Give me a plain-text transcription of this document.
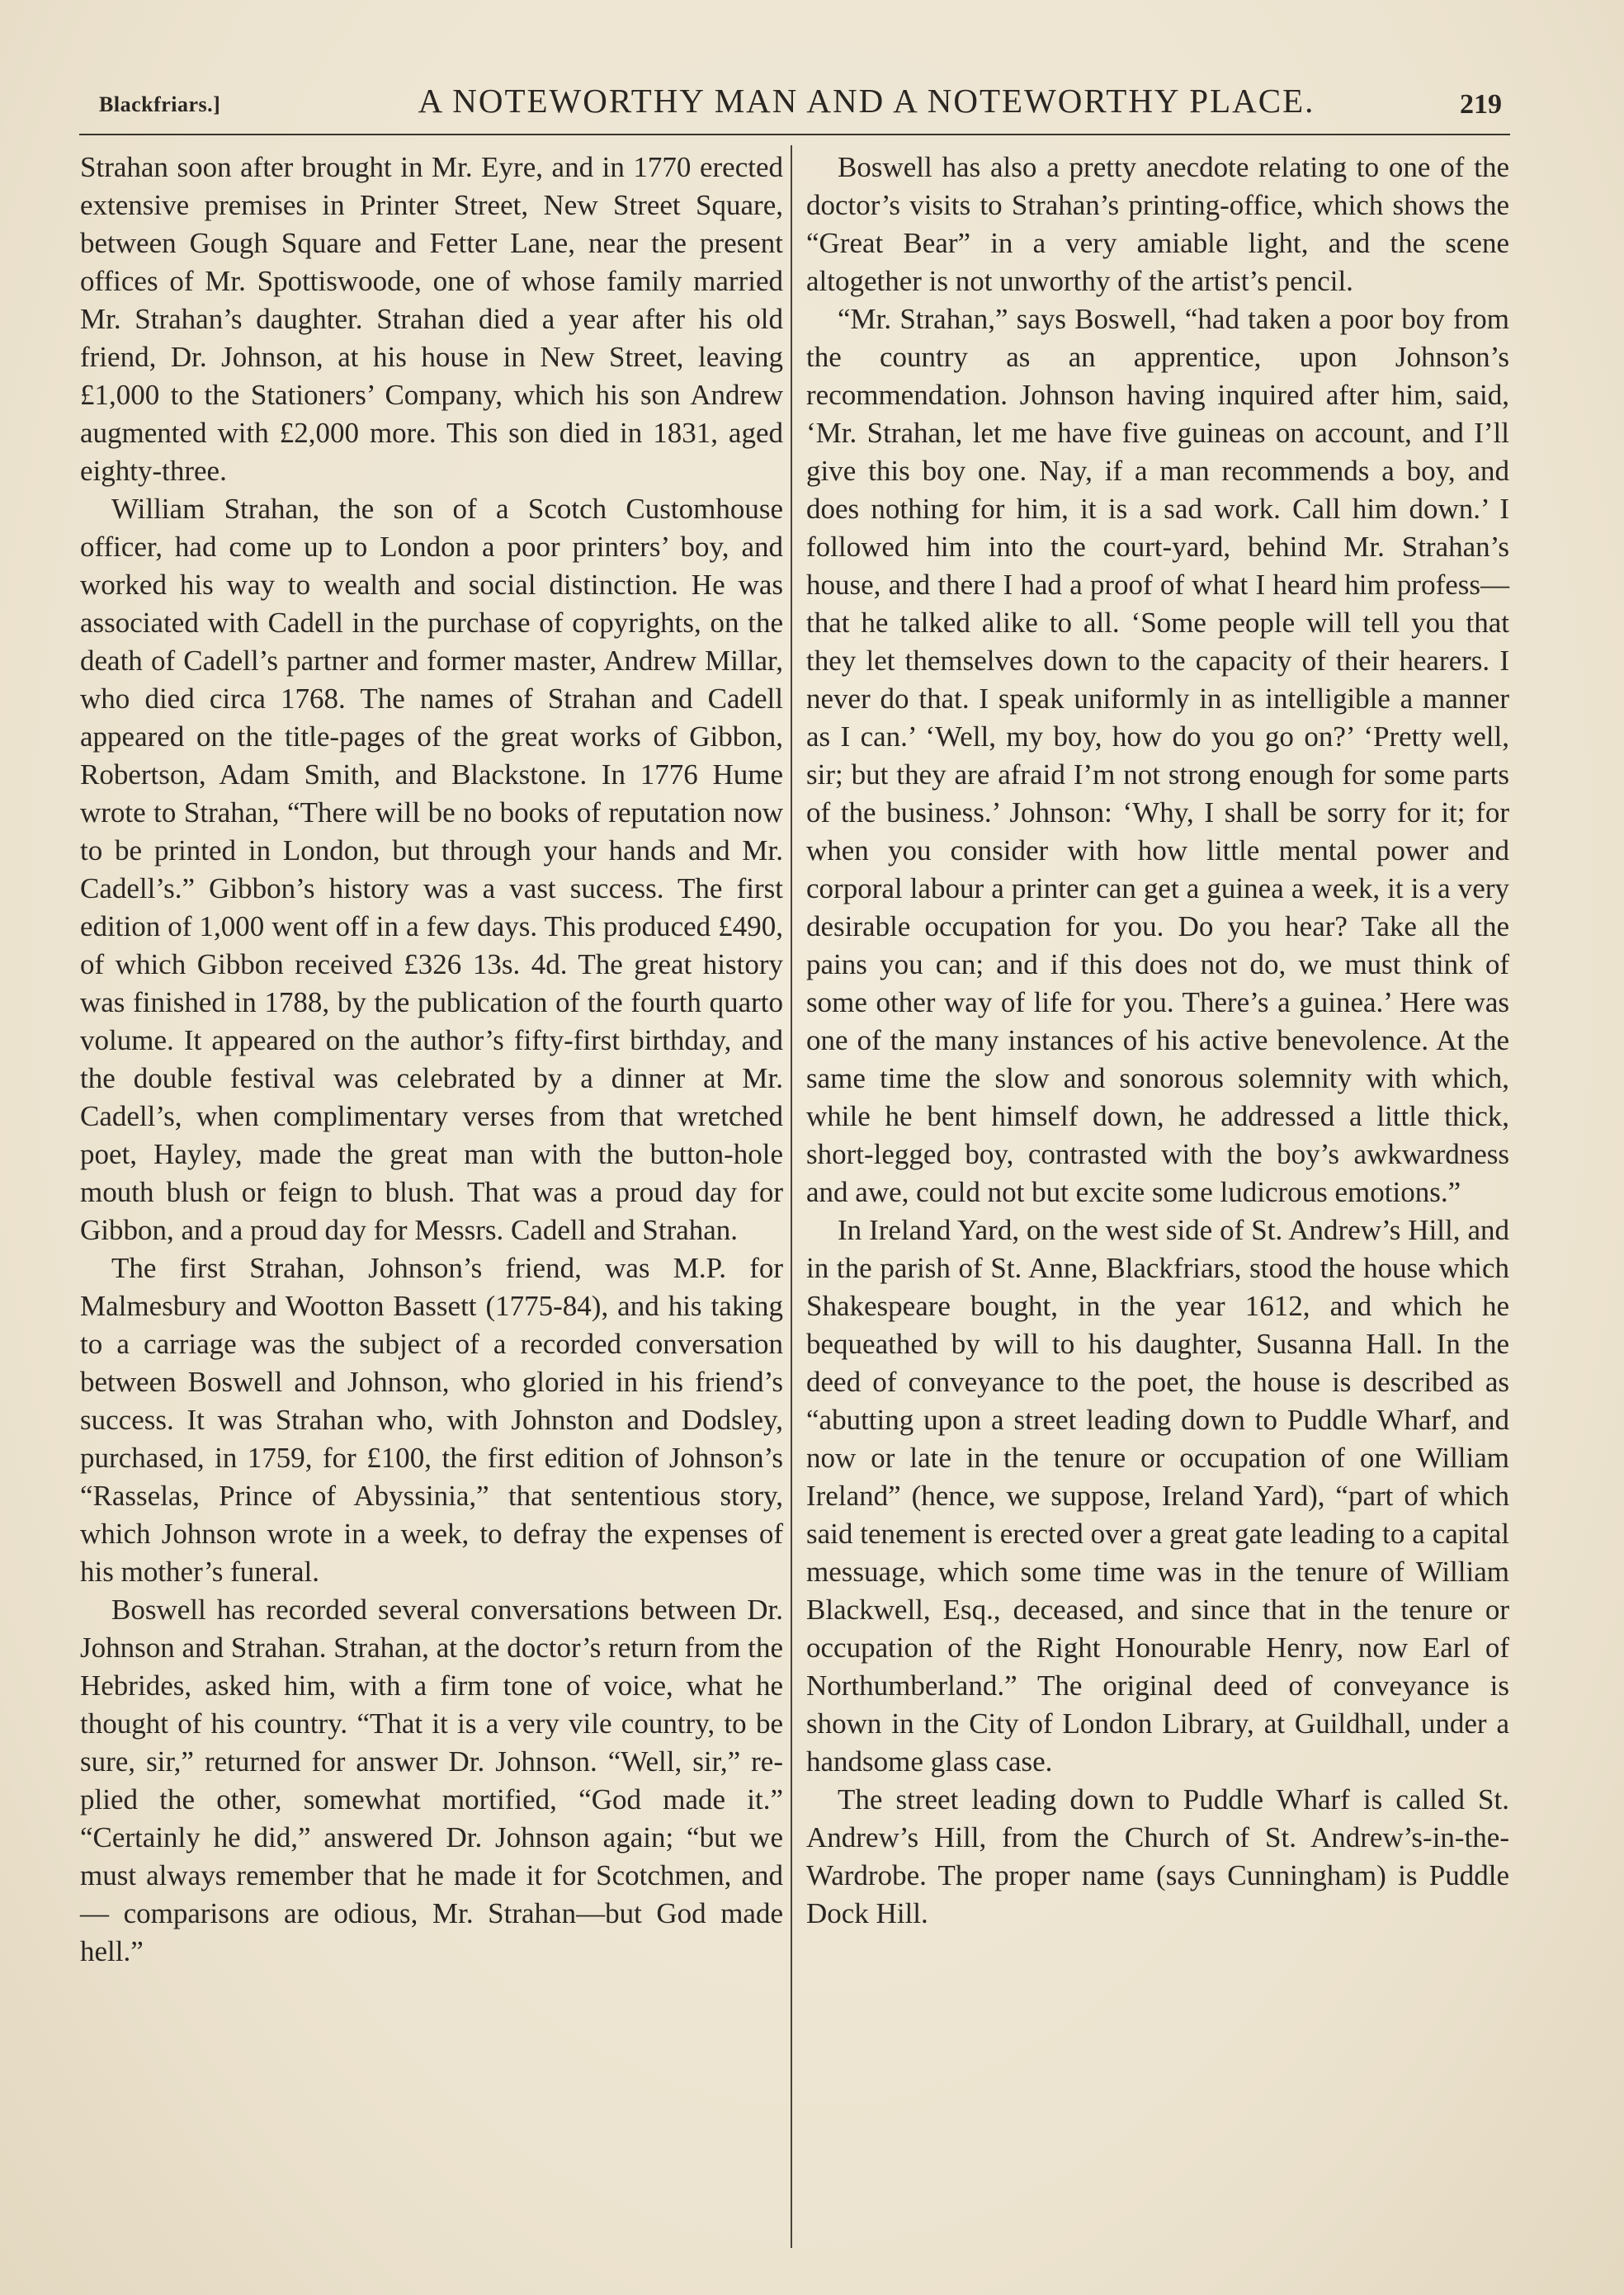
Blackfriars.]	A NOTEWORTHY MAN AND A NOTEWORTHY PLACE.	219

Strahan soon after brought in Mr. Eyre, and in 1770 erected extensive premises in Printer Street, New Street Square, between Gough Square and Fetter Lane, near the present offices of Mr. Spottiswoode, one of whose family married Mr. Strahan’s daughter. Strahan died a year after his old friend, Dr. Johnson, at his house in New Street, leaving £1,000 to the Stationers’ Company, which his son Andrew augmented with £2,000 more. This son died in 1831, aged eighty-three.

William Strahan, the son of a Scotch Customhouse officer, had come up to London a poor printers’ boy, and worked his way to wealth and social distinction. He was associated with Cadell in the purchase of copyrights, on the death of Cadell’s partner and former master, Andrew Millar, who died circa 1768. The names of Strahan and Cadell appeared on the title-pages of the great works of Gibbon, Robertson, Adam Smith, and Blackstone. In 1776 Hume wrote to Strahan, “There will be no books of reputation now to be printed in London, but through your hands and Mr. Cadell’s.” Gibbon’s history was a vast success. The first edition of 1,000 went off in a few days. This produced £490, of which Gibbon received £326 13s. 4d. The great history was finished in 1788, by the publication of the fourth quarto volume. It appeared on the author’s fifty-first birthday, and the double festival was celebrated by a dinner at Mr. Cadell’s, when complimentary verses from that wretched poet, Hayley, made the great man with the button-hole mouth blush or feign to blush. That was a proud day for Gibbon, and a proud day for Messrs. Cadell and Strahan.

The first Strahan, Johnson’s friend, was M.P. for Malmesbury and Wootton Bassett (1775-84), and his taking to a carriage was the subject of a recorded conversation between Boswell and Johnson, who gloried in his friend’s success. It was Strahan who, with Johnston and Dodsley, purchased, in 1759, for £100, the first edition of Johnson’s “Rasselas, Prince of Abyssinia,” that sententious story, which Johnson wrote in a week, to defray the expenses of his mother’s funeral.

Boswell has recorded several conversations between Dr. Johnson and Strahan. Strahan, at the doctor’s return from the Hebrides, asked him, with a firm tone of voice, what he thought of his country. “That it is a very vile country, to be sure, sir,” returned for answer Dr. Johnson. “Well, sir,” replied the other, somewhat mortified, “God made it.” “Certainly he did,” answered Dr. Johnson again; “but we must always remember that he made it for Scotchmen, and — comparisons are odious, Mr. Strahan—but God made hell.”

Boswell has also a pretty anecdote relating to one of the doctor’s visits to Strahan’s printing-office, which shows the “Great Bear” in a very amiable light, and the scene altogether is not unworthy of the artist’s pencil.

“Mr. Strahan,” says Boswell, “had taken a poor boy from the country as an apprentice, upon Johnson’s recommendation. Johnson having inquired after him, said, ‘Mr. Strahan, let me have five guineas on account, and I’ll give this boy one. Nay, if a man recommends a boy, and does nothing for him, it is a sad work. Call him down.’ I followed him into the court-yard, behind Mr. Strahan’s house, and there I had a proof of what I heard him profess—that he talked alike to all. ‘Some people will tell you that they let themselves down to the capacity of their hearers. I never do that. I speak uniformly in as intelligible a manner as I can.’ ‘Well, my boy, how do you go on?’ ‘Pretty well, sir; but they are afraid I’m not strong enough for some parts of the business.’ Johnson: ‘Why, I shall be sorry for it; for when you consider with how little mental power and corporal labour a printer can get a guinea a week, it is a very desirable occupation for you. Do you hear? Take all the pains you can; and if this does not do, we must think of some other way of life for you. There’s a guinea.’ Here was one of the many instances of his active benevolence. At the same time the slow and sonorous solemnity with which, while he bent himself down, he addressed a little thick, short-legged boy, contrasted with the boy’s awkwardness and awe, could not but excite some ludicrous emotions.”

In Ireland Yard, on the west side of St. Andrew’s Hill, and in the parish of St. Anne, Blackfriars, stood the house which Shakespeare bought, in the year 1612, and which he bequeathed by will to his daughter, Susanna Hall. In the deed of conveyance to the poet, the house is described as “abutting upon a street leading down to Puddle Wharf, and now or late in the tenure or occupation of one William Ireland” (hence, we suppose, Ireland Yard), “part of which said tenement is erected over a great gate leading to a capital messuage, which some time was in the tenure of William Blackwell, Esq., deceased, and since that in the tenure or occupation of the Right Honourable Henry, now Earl of Northumberland.” The original deed of conveyance is shown in the City of London Library, at Guildhall, under a handsome glass case.

The street leading down to Puddle Wharf is called St. Andrew’s Hill, from the Church of St. Andrew’s-in-the-Wardrobe. The proper name (says Cunningham) is Puddle Dock Hill.
